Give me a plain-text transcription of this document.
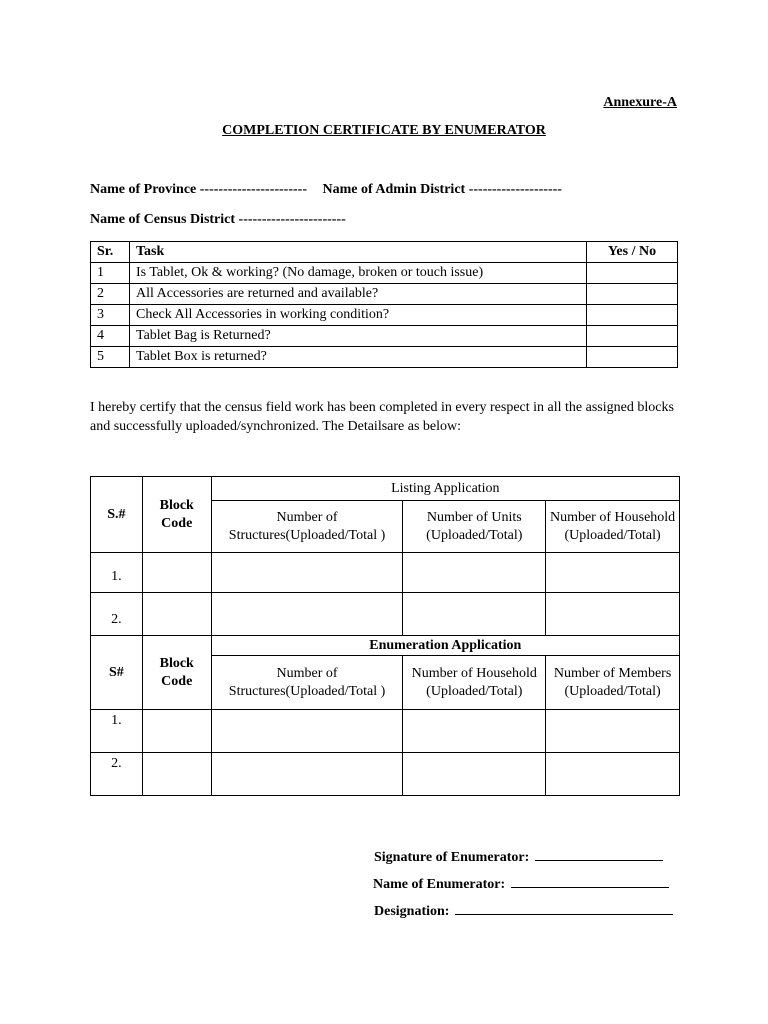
Annexure-A
COMPLETION CERTIFICATE BY ENUMERATOR
Name of Province ----------------------- Name of Admin District --------------------
Name of Census District -----------------------
Sr.	Task	Yes / No
1	Is Tablet, Ok & working? (No damage, broken or touch issue)	
2	All Accessories are returned and available?	
3	Check All Accessories in working condition?	
4	Tablet Bag is Returned?	
5	Tablet Box is returned?	
I hereby certify that the census field work has been completed in every respect in all the assigned blocks and successfully uploaded/synchronized. The Detailsare as below:
S.#	Block Code	Listing Application		
		Number of Structures(Uploaded/Total )	Number of Units (Uploaded/Total)	Number of Household (Uploaded/Total)
1.				
2.				
S#	Block Code	Enumeration Application		
		Number of Structures(Uploaded/Total )	Number of Household (Uploaded/Total)	Number of Members (Uploaded/Total)
1.				
2.				
Signature of Enumerator:
Name of Enumerator:
Designation:
